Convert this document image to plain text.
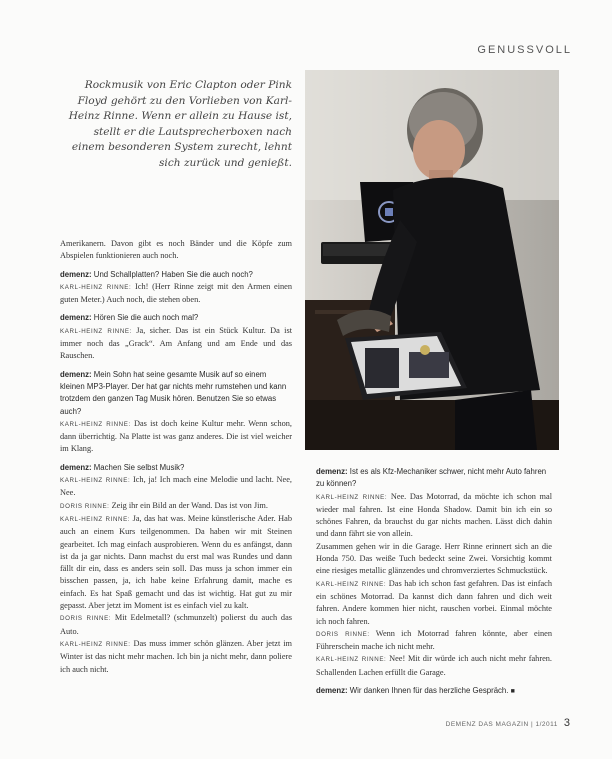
GENUSSVOLL
Rockmusik von Eric Clapton oder Pink Floyd gehört zu den Vorlieben von Karl-Heinz Rinne. Wenn er allein zu Hause ist, stellt er die Lautsprecherboxen nach einem besonderen System zurecht, lehnt sich zurück und genießt.

Amerikanern. Davon gibt es noch Bänder und die Köpfe zum Abspielen funktionieren auch noch.

demenz: Und Schallplatten? Haben Sie die auch noch?

KARL-HEINZ RINNE: Ich! (Herr Rinne zeigt mit den Armen einen guten Meter.) Auch noch, die stehen oben.

demenz: Hören Sie die auch noch mal?

KARL-HEINZ RINNE: Ja, sicher. Das ist ein Stück Kultur. Da ist immer noch das „Grack“. Am Anfang und am Ende und das Rauschen.

demenz: Mein Sohn hat seine gesamte Musik auf so einem kleinen MP3-Player. Der hat gar nichts mehr rumstehen und kann trotzdem den ganzen Tag Musik hören. Benutzen Sie so etwas auch?

KARL-HEINZ RINNE: Das ist doch keine Kultur mehr. Wenn schon, dann überrichtig. Na Platte ist was ganz anderes. Die ist viel weicher im Klang.

demenz: Machen Sie selbst Musik?

KARL-HEINZ RINNE: Ich, ja! Ich mach eine Melodie und lacht. Nee, Nee.

DORIS RINNE: Zeig ihr ein Bild an der Wand. Das ist von Jim.

KARL-HEINZ RINNE: Ja, das hat was. Meine künstlerische Ader. Hab auch an einem Kurs teilgenommen. Da haben wir mit Steinen gearbeitet. Ich mag einfach ausprobieren. Wenn du es anfängst, dann ist da ja gar nichts. Dann machst du erst mal was Rundes und dann fällt dir ein, dass es anders sein soll. Das muss ja schon immer ein bisschen passen, ja, ich habe keine Erfahrung damit, mache es einfach. Es hat Spaß gemacht und das ist wichtig. Hat gut zu mir gepasst. Aber jetzt im Moment ist es einfach viel zu kalt.

DORIS RINNE: Mit Edelmetall? (schmunzelt) polierst du auch das Auto.

KARL-HEINZ RINNE: Das muss immer schön glänzen. Aber jetzt im Winter ist das nicht mehr machen. Ich bin ja nicht mehr, dann poliere ich auch nicht.

demenz: Ist es als Kfz-Mechaniker schwer, nicht mehr Auto fahren zu können?

KARL-HEINZ RINNE: Nee. Das Motorrad, da möchte ich schon mal wieder mal fahren. Ist eine Honda Shadow. Damit bin ich ein so schönes Fahren, da brauchst du gar nichts machen. Lässt dich dahin und dann fährt sie von allein.

Zusammen gehen wir in die Garage. Herr Rinne erinnert sich an die Honda 750. Das weiße Tuch bedeckt seine Zwei. Vorsichtig kommt eine riesiges metallic glänzendes und chromverziertes Schmuckstück.

KARL-HEINZ RINNE: Das hab ich schon fast gefahren. Das ist einfach ein schönes Motorrad. Da kannst dich dann fahren und dich weit fahren. Andere kommen hier nicht, rauschen vorbei. Einmal möchte ich noch fahren.

DORIS RINNE: Wenn ich Motorrad fahren könnte, aber einen Führerschein mache ich nicht mehr.

KARL-HEINZ RINNE: Nee! Mit dir würde ich auch nicht mehr fahren. Schallenden Lachen erfüllt die Garage.

demenz: Wir danken Ihnen für das herzliche Gespräch. ■

DEMENZ DAS MAGAZIN | 1/2011 3
